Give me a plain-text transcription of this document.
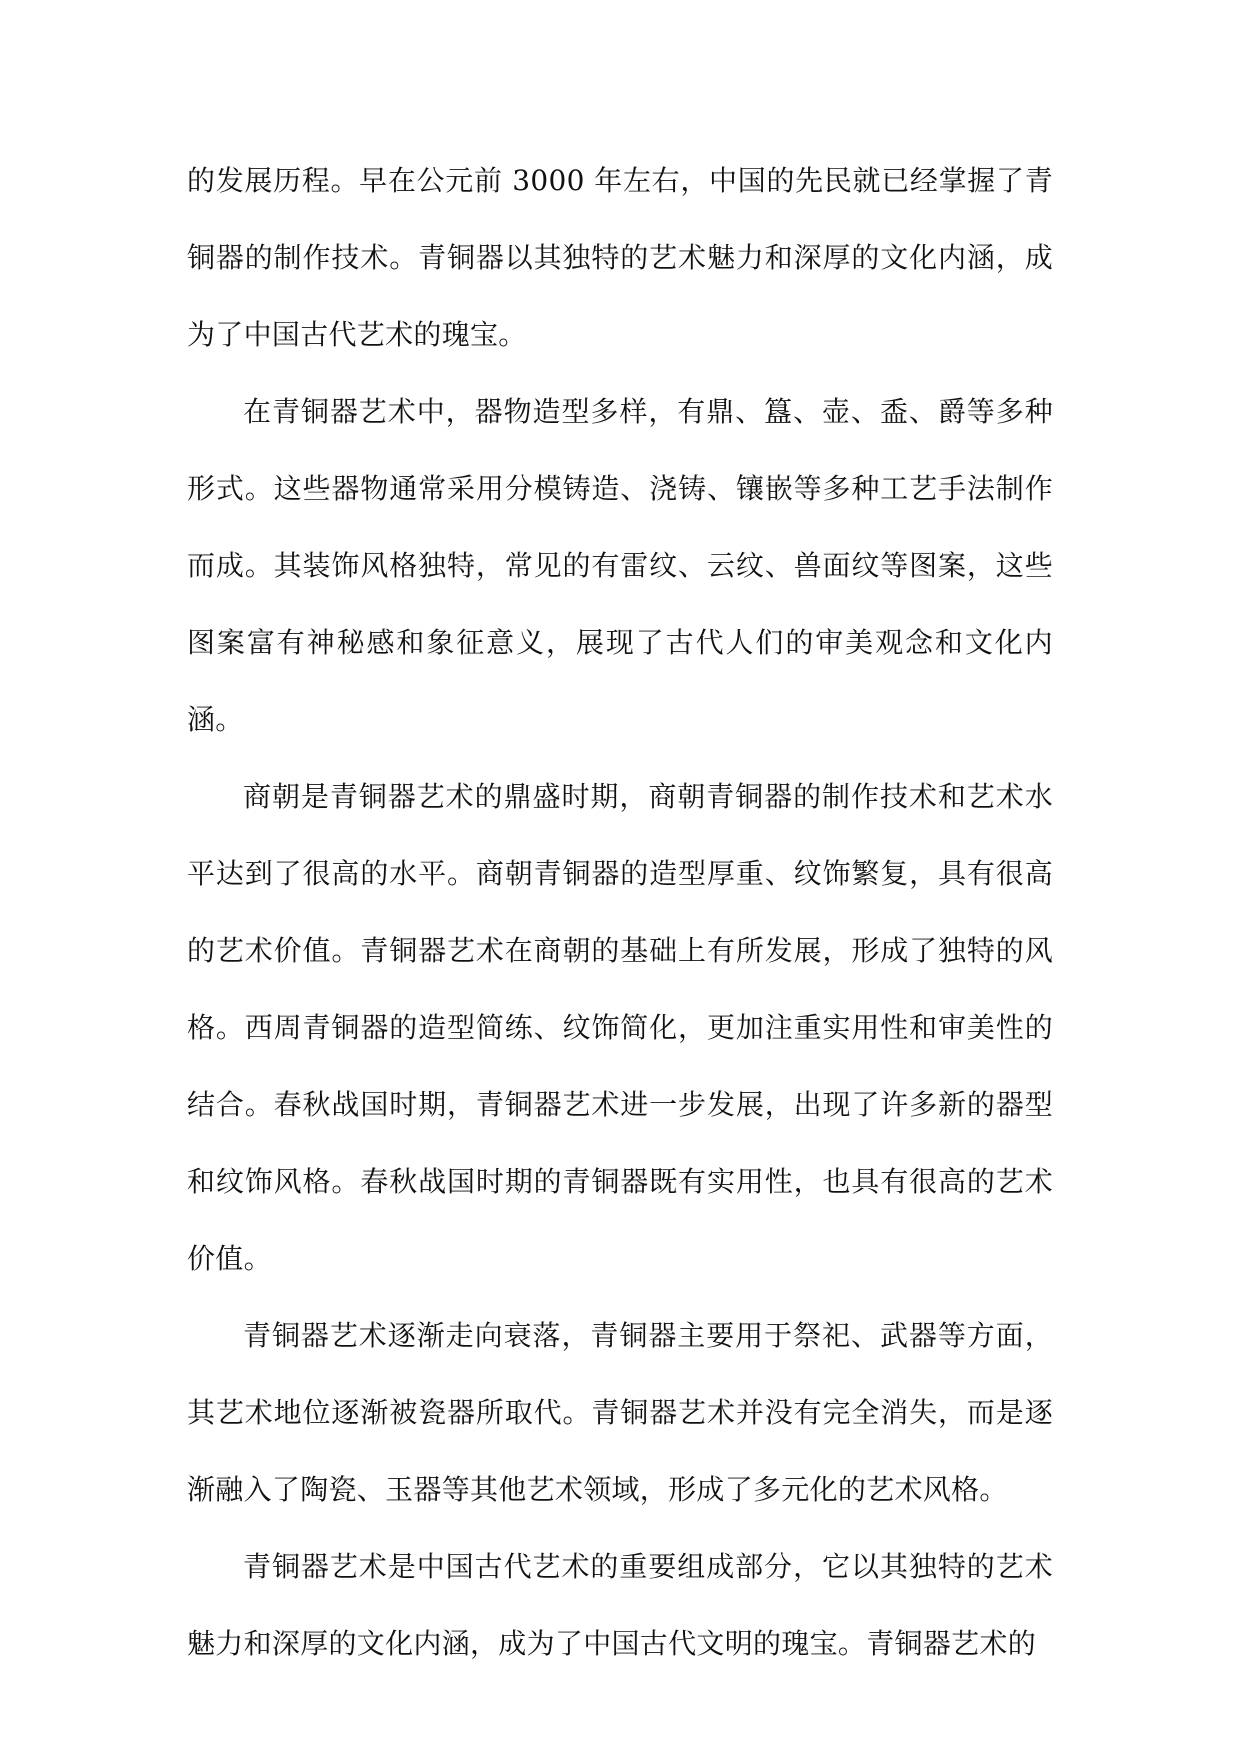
的发展历程。早在公元前 3000 年左右，中国的先民就已经掌握了青铜器的制作技术。青铜器以其独特的艺术魅力和深厚的文化内涵，成为了中国古代艺术的瑰宝。

在青铜器艺术中，器物造型多样，有鼎、簋、壶、盉、爵等多种形式。这些器物通常采用分模铸造、浇铸、镶嵌等多种工艺手法制作而成。其装饰风格独特，常见的有雷纹、云纹、兽面纹等图案，这些图案富有神秘感和象征意义，展现了古代人们的审美观念和文化内涵。

商朝是青铜器艺术的鼎盛时期，商朝青铜器的制作技术和艺术水平达到了很高的水平。商朝青铜器的造型厚重、纹饰繁复，具有很高的艺术价值。青铜器艺术在商朝的基础上有所发展，形成了独特的风格。西周青铜器的造型简练、纹饰简化，更加注重实用性和审美性的结合。春秋战国时期，青铜器艺术进一步发展，出现了许多新的器型和纹饰风格。春秋战国时期的青铜器既有实用性，也具有很高的艺术价值。

青铜器艺术逐渐走向衰落，青铜器主要用于祭祀、武器等方面，其艺术地位逐渐被瓷器所取代。青铜器艺术并没有完全消失，而是逐渐融入了陶瓷、玉器等其他艺术领域，形成了多元化的艺术风格。

青铜器艺术是中国古代艺术的重要组成部分，它以其独特的艺术魅力和深厚的文化内涵，成为了中国古代文明的瑰宝。青铜器艺术的
